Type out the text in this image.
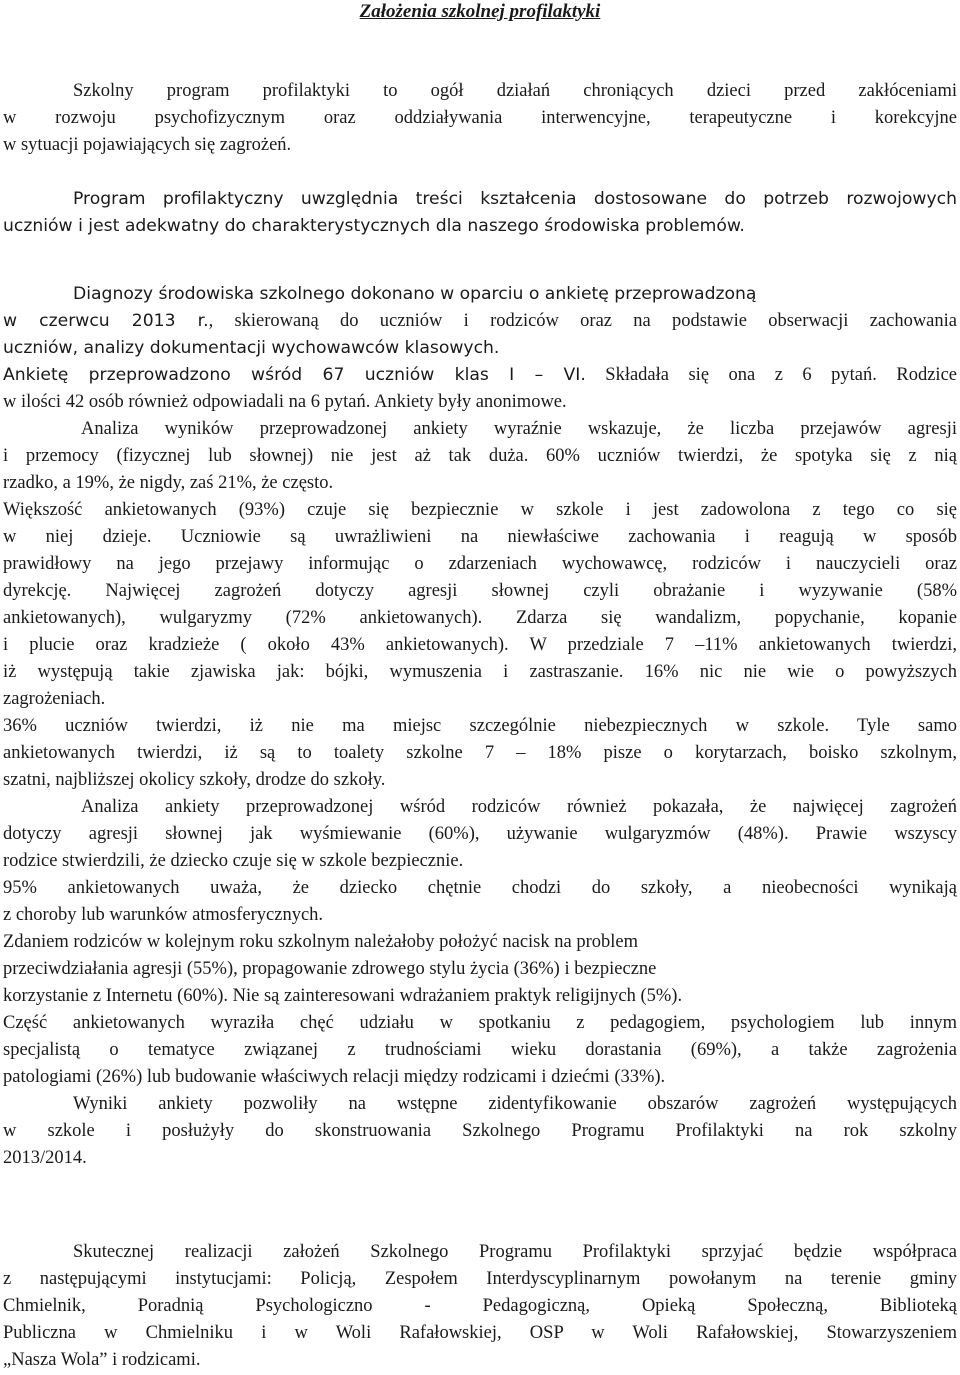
Założenia szkolnej profilaktyki

Szkolny program profilaktyki to ogół działań chroniących dzieci przed zakłóceniami

w rozwoju psychofizycznym oraz oddziaływania interwencyjne, terapeutyczne i korekcyjne

w sytuacji pojawiających się zagrożeń.

Program profilaktyczny uwzględnia treści kształcenia dostosowane do potrzeb rozwojowych

uczniów i jest adekwatny do charakterystycznych dla naszego środowiska problemów.

Diagnozy środowiska szkolnego dokonano w oparciu o ankietę przeprowadzoną

w czerwcu 2013 r., skierowaną do uczniów i rodziców oraz na podstawie obserwacji zachowania

uczniów, analizy dokumentacji wychowawców klasowych.

Ankietę przeprowadzono wśród 67 uczniów klas I – VI. Składała się ona z 6 pytań. Rodzice

w ilości 42 osób również odpowiadali na 6 pytań. Ankiety były anonimowe.

Analiza wyników przeprowadzonej ankiety wyraźnie wskazuje, że liczba przejawów agresji

i przemocy (fizycznej lub słownej) nie jest aż tak duża. 60% uczniów twierdzi, że spotyka się z nią

rzadko, a 19%, że nigdy, zaś 21%, że często.

Większość ankietowanych (93%) czuje się bezpiecznie w szkole i jest zadowolona z tego co się

w niej dzieje. Uczniowie są uwrażliwieni na niewłaściwe zachowania i reagują w sposób

prawidłowy na jego przejawy informując o zdarzeniach wychowawcę, rodziców i nauczycieli oraz

dyrekcję. Najwięcej zagrożeń dotyczy agresji słownej czyli obrażanie i wyzywanie (58%

ankietowanych), wulgaryzmy (72% ankietowanych). Zdarza się wandalizm, popychanie, kopanie

i plucie oraz kradzieże ( około 43% ankietowanych). W przedziale 7 –11% ankietowanych twierdzi,

iż występują takie zjawiska jak: bójki, wymuszenia i zastraszanie. 16% nic nie wie o powyższych

zagrożeniach.

36% uczniów twierdzi, iż nie ma miejsc szczególnie niebezpiecznych w szkole. Tyle samo

ankietowanych twierdzi, iż są to toalety szkolne 7 – 18% pisze o korytarzach, boisko szkolnym,

szatni, najbliższej okolicy szkoły, drodze do szkoły.

Analiza ankiety przeprowadzonej wśród rodziców również pokazała, że najwięcej zagrożeń

dotyczy agresji słownej jak wyśmiewanie (60%), używanie wulgaryzmów (48%). Prawie wszyscy

rodzice stwierdzili, że dziecko czuje się w szkole bezpiecznie.

95% ankietowanych uważa, że dziecko chętnie chodzi do szkoły, a nieobecności wynikają

z choroby lub warunków atmosferycznych.

Zdaniem rodziców w kolejnym roku szkolnym należałoby położyć nacisk na problem

przeciwdziałania agresji (55%), propagowanie zdrowego stylu życia (36%) i bezpieczne

korzystanie z Internetu (60%). Nie są zainteresowani wdrażaniem praktyk religijnych (5%).

Część ankietowanych wyraziła chęć udziału w spotkaniu z pedagogiem, psychologiem lub innym

specjalistą o tematyce związanej z trudnościami wieku dorastania (69%), a także zagrożenia

patologiami (26%) lub budowanie właściwych relacji między rodzicami i dziećmi (33%).

Wyniki ankiety pozwoliły na wstępne zidentyfikowanie obszarów zagrożeń występujących

w szkole i posłużyły do skonstruowania Szkolnego Programu Profilaktyki na rok szkolny

2013/2014.

Skutecznej realizacji założeń Szkolnego Programu Profilaktyki sprzyjać będzie współpraca

z następującymi instytucjami: Policją, Zespołem Interdyscyplinarnym powołanym na terenie gminy

Chmielnik, Poradnią Psychologiczno - Pedagogiczną, Opieką Społeczną, Biblioteką

Publiczna w Chmielniku i w Woli Rafałowskiej, OSP w Woli Rafałowskiej, Stowarzyszeniem

„Nasza Wola” i rodzicami.
